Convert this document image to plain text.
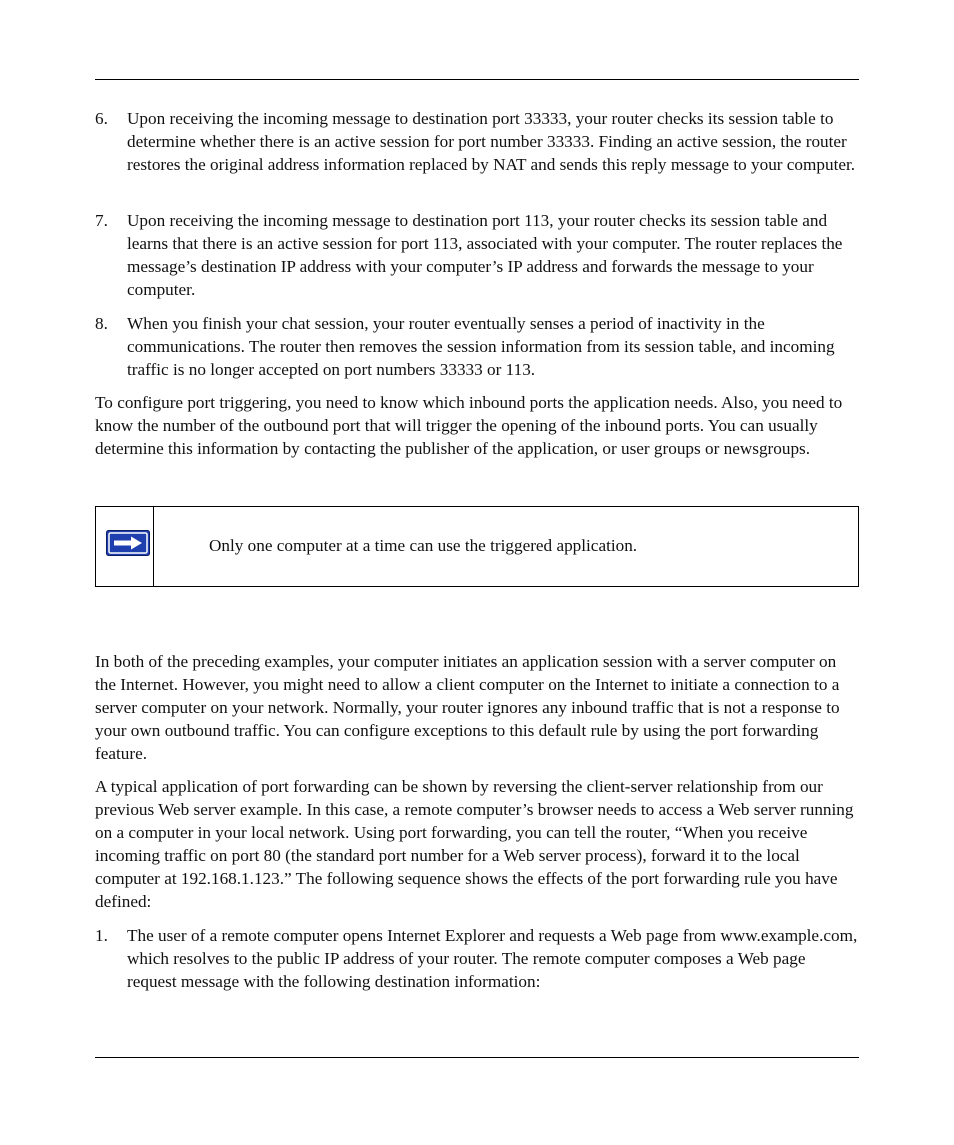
6.	Upon receiving the incoming message to destination port 33333, your router checks its session table to determine whether there is an active session for port number 33333. Finding an active session, the router restores the original address information replaced by NAT and sends this reply message to your computer.

7.	Upon receiving the incoming message to destination port 113, your router checks its session table and learns that there is an active session for port 113, associated with your computer. The router replaces the message’s destination IP address with your computer’s IP address and forwards the message to your computer.

8.	When you finish your chat session, your router eventually senses a period of inactivity in the communications. The router then removes the session information from its session table, and incoming traffic is no longer accepted on port numbers 33333 or 113.

To configure port triggering, you need to know which inbound ports the application needs. Also, you need to know the number of the outbound port that will trigger the opening of the inbound ports. You can usually determine this information by contacting the publisher of the application, or user groups or newsgroups.

Only one computer at a time can use the triggered application.

In both of the preceding examples, your computer initiates an application session with a server computer on the Internet. However, you might need to allow a client computer on the Internet to initiate a connection to a server computer on your network. Normally, your router ignores any inbound traffic that is not a response to your own outbound traffic. You can configure exceptions to this default rule by using the port forwarding feature.

A typical application of port forwarding can be shown by reversing the client-server relationship from our previous Web server example. In this case, a remote computer’s browser needs to access a Web server running on a computer in your local network. Using port forwarding, you can tell the router, “When you receive incoming traffic on port 80 (the standard port number for a Web server process), forward it to the local computer at 192.168.1.123.” The following sequence shows the effects of the port forwarding rule you have defined:

1.	The user of a remote computer opens Internet Explorer and requests a Web page from www.example.com, which resolves to the public IP address of your router. The remote computer composes a Web page request message with the following destination information:
